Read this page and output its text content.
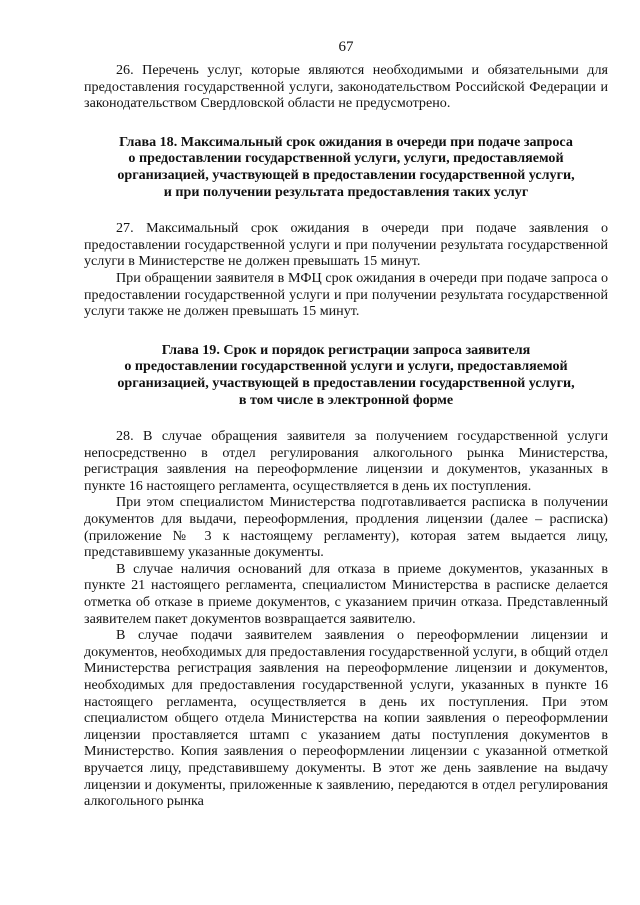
67

26. Перечень услуг, которые являются необходимыми и обязательными для предоставления государственной услуги, законодательством Российской Федерации и законодательством Свердловской области не предусмотрено.

Глава 18. Максимальный срок ожидания в очереди при подаче запроса
о предоставлении государственной услуги, услуги, предоставляемой
организацией, участвующей в предоставлении государственной услуги,
и при получении результата предоставления таких услуг

27. Максимальный срок ожидания в очереди при подаче заявления о предоставлении государственной услуги и при получении результата государственной услуги в Министерстве не должен превышать 15 минут.

При обращении заявителя в МФЦ срок ожидания в очереди при подаче запроса о предоставлении государственной услуги и при получении результата государственной услуги также не должен превышать 15 минут.

Глава 19. Срок и порядок регистрации запроса заявителя
о предоставлении государственной услуги и услуги, предоставляемой
организацией, участвующей в предоставлении государственной услуги,
в том числе в электронной форме

28. В случае обращения заявителя за получением государственной услуги непосредственно в отдел регулирования алкогольного рынка Министерства, регистрация заявления на переоформление лицензии и документов, указанных в пункте 16 настоящего регламента, осуществляется в день их поступления.

При этом специалистом Министерства подготавливается расписка в получении документов для выдачи, переоформления, продления лицензии (далее – расписка) (приложение № 3 к настоящему регламенту), которая затем выдается лицу, представившему указанные документы.

В случае наличия оснований для отказа в приеме документов, указанных в пункте 21 настоящего регламента, специалистом Министерства в расписке делается отметка об отказе в приеме документов, с указанием причин отказа. Представленный заявителем пакет документов возвращается заявителю.

В случае подачи заявителем заявления о переоформлении лицензии и документов, необходимых для предоставления государственной услуги, в общий отдел Министерства регистрация заявления на переоформление лицензии и документов, необходимых для предоставления государственной услуги, указанных в пункте 16 настоящего регламента, осуществляется в день их поступления. При этом специалистом общего отдела Министерства на копии заявления о переоформлении лицензии проставляется штамп с указанием даты поступления документов в Министерство. Копия заявления о переоформлении лицензии с указанной отметкой вручается лицу, представившему документы. В этот же день заявление на выдачу лицензии и документы, приложенные к заявлению, передаются в отдел регулирования алкогольного рынка
